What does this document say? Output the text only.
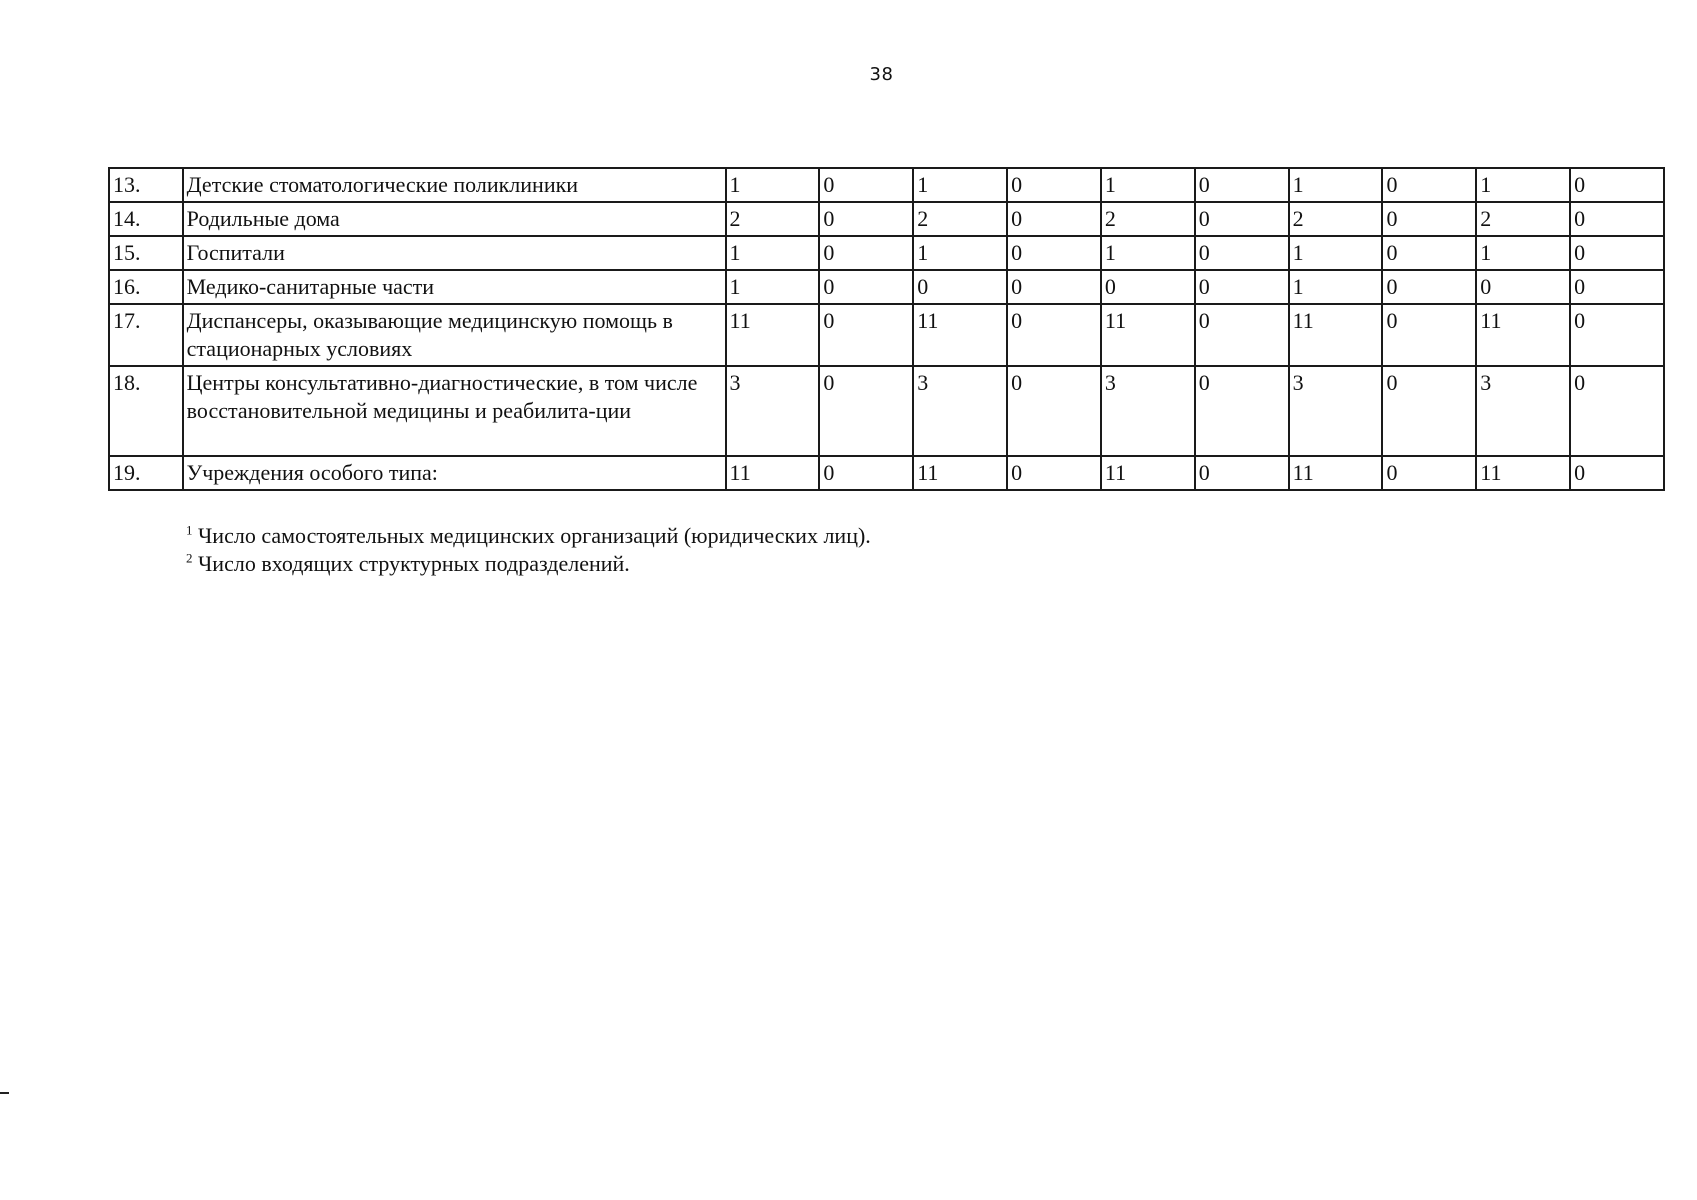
38
13.	Детские стоматологические поликлиники	1	0	1	0	1	0	1	0	1	0
14.	Родильные дома	2	0	2	0	2	0	2	0	2	0
15.	Госпитали	1	0	1	0	1	0	1	0	1	0
16.	Медико-санитарные части	1	0	0	0	0	0	1	0	0	0
17.	Диспансеры, оказывающие медицинскую помощь в стационарных условиях	11	0	11	0	11	0	11	0	11	0
18.	Центры консультативно-диагностические, в том числе восстановительной медицины и реабилита-ции	3	0	3	0	3	0	3	0	3	0
19.	Учреждения особого типа:	11	0	11	0	11	0	11	0	11	0
$^1$ Число самостоятельных медицинских организаций (юридических лиц).
$^2$ Число входящих структурных подразделений.
